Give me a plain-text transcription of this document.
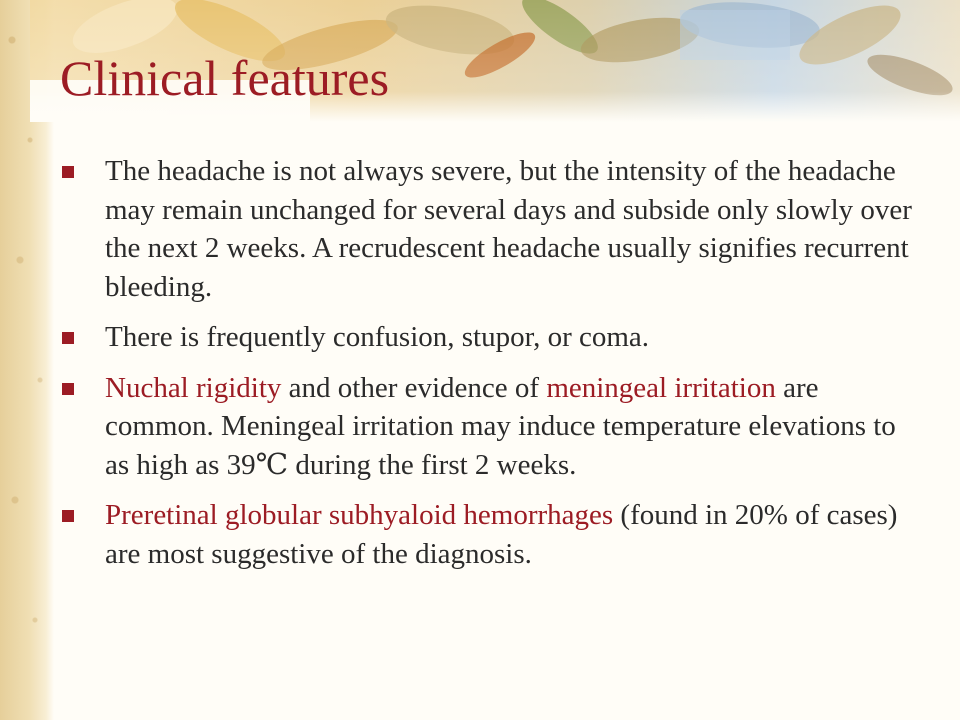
Clinical features
The headache is not always severe, but the intensity of the headache may remain unchanged for several days and subside only slowly over the next 2 weeks. A recrudescent headache usually signifies recurrent bleeding.
There is frequently confusion, stupor, or coma.
Nuchal rigidity and other evidence of meningeal irritation are common. Meningeal irritation may induce temperature elevations to as high as 39℃ during the first 2 weeks.
Preretinal globular subhyaloid hemorrhages (found in 20% of cases) are most suggestive of the diagnosis.
